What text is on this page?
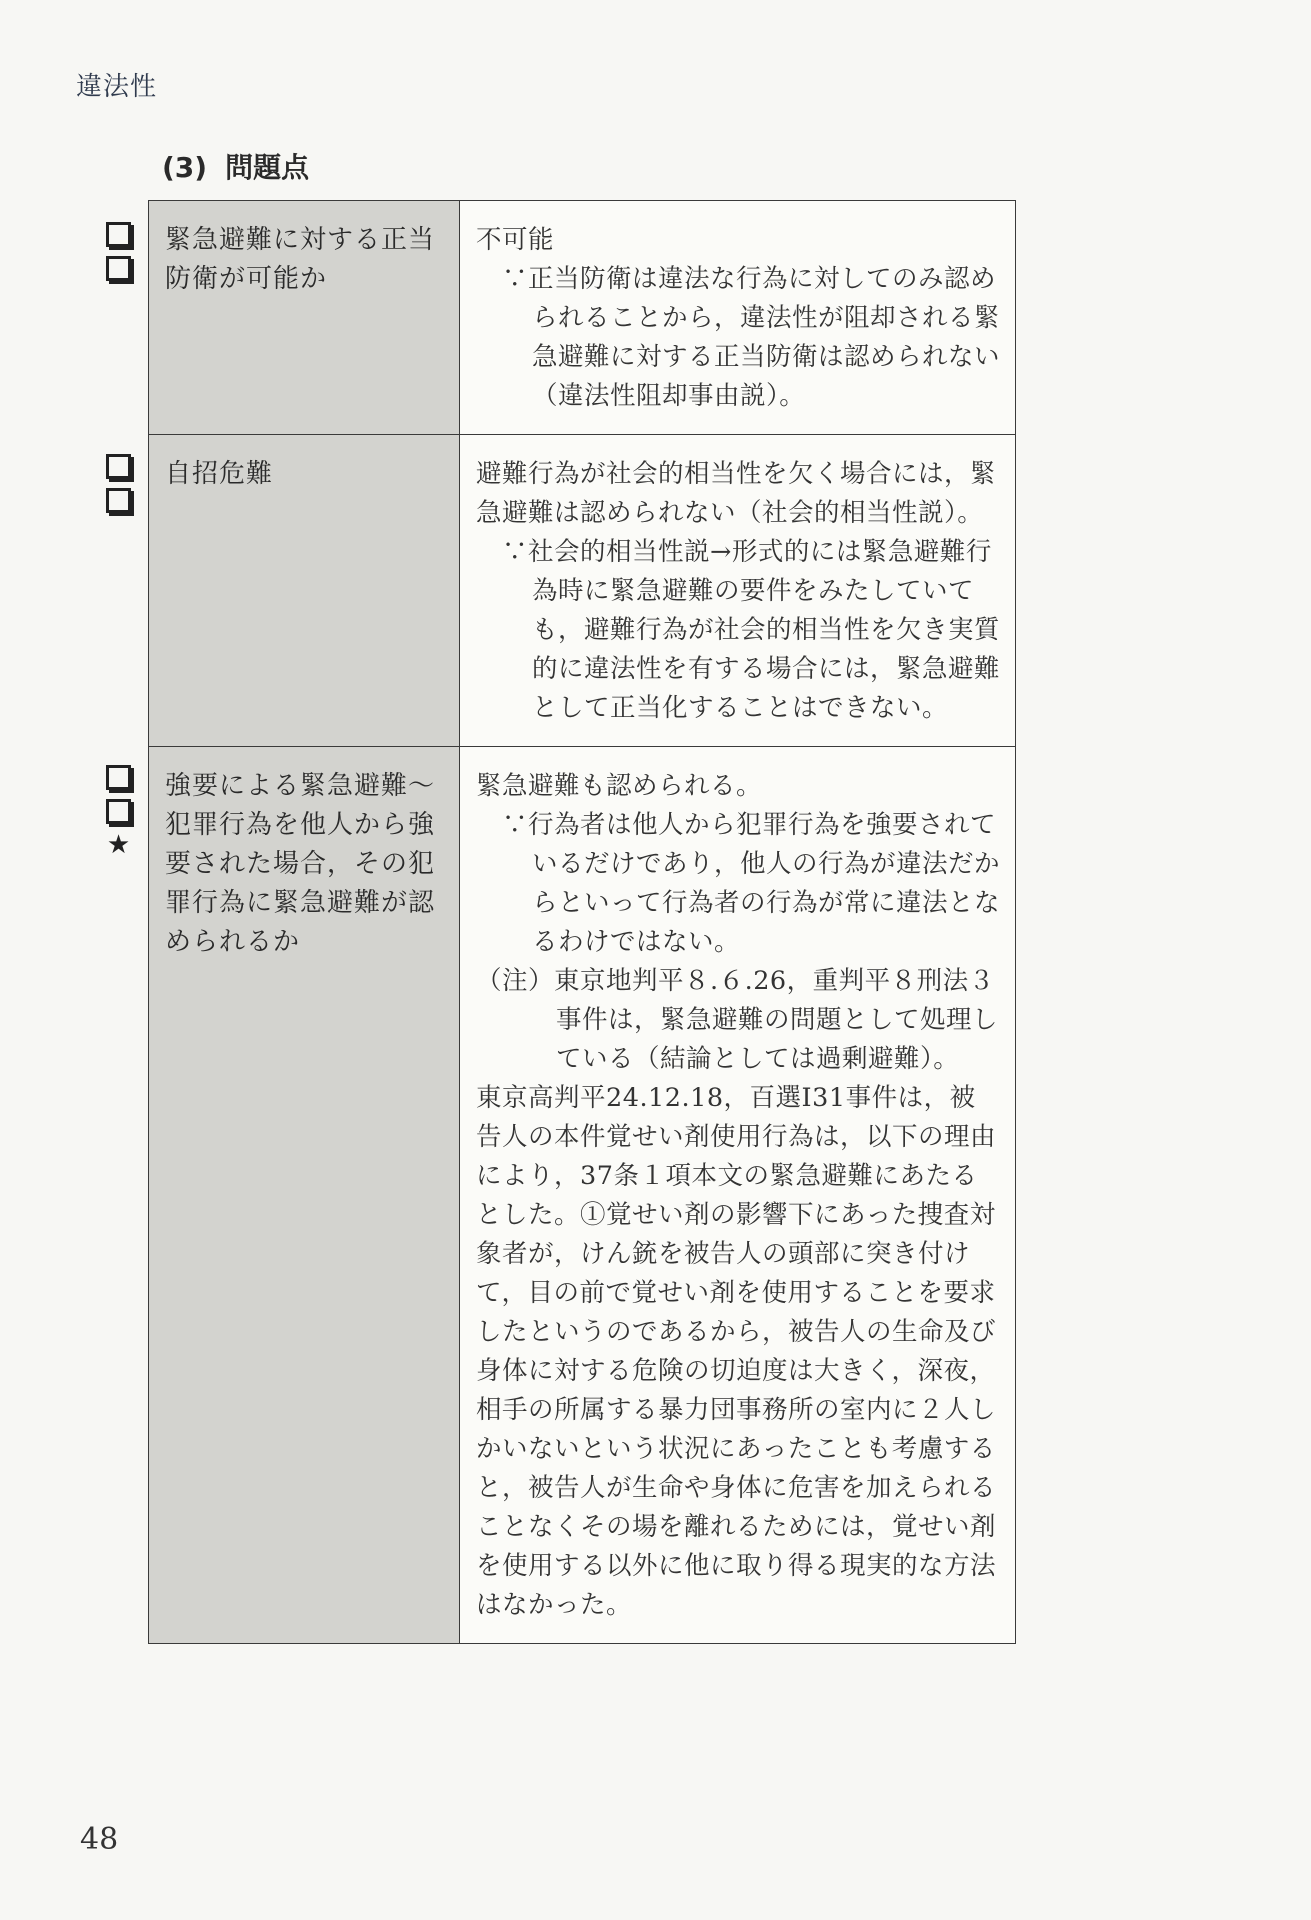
違法性
(3) 問題点
緊急避難に対する正当防衛が可能か	不可能
∵正当防衛は違法な行為に対してのみ認められることから，違法性が阻却される緊急避難に対する正当防衛は認められない（違法性阻却事由説）。

自招危難	避難行為が社会的相当性を欠く場合には，緊急避難は認められない（社会的相当性説）。
∵社会的相当性説→形式的には緊急避難行為時に緊急避難の要件をみたしていても，避難行為が社会的相当性を欠き実質的に違法性を有する場合には，緊急避難として正当化することはできない。

強要による緊急避難～犯罪行為を他人から強要された場合，その犯罪行為に緊急避難が認められるか	緊急避難も認められる。
∵行為者は他人から犯罪行為を強要されているだけであり，他人の行為が違法だからといって行為者の行為が常に違法となるわけではない。
（注）東京地判平８.６.26，重判平８刑法３事件は，緊急避難の問題として処理している（結論としては過剰避難）。
東京高判平24.12.18，百選Ⅰ31事件は，被告人の本件覚せい剤使用行為は，以下の理由により，37条１項本文の緊急避難にあたるとした。①覚せい剤の影響下にあった捜査対象者が，けん銃を被告人の頭部に突き付けて，目の前で覚せい剤を使用することを要求したというのであるから，被告人の生命及び身体に対する危険の切迫度は大きく，深夜，相手の所属する暴力団事務所の室内に２人しかいないという状況にあったことも考慮すると，被告人が生命や身体に危害を加えられることなくその場を離れるためには，覚せい剤を使用する以外に他に取り得る現実的な方法はなかった。
★
48
